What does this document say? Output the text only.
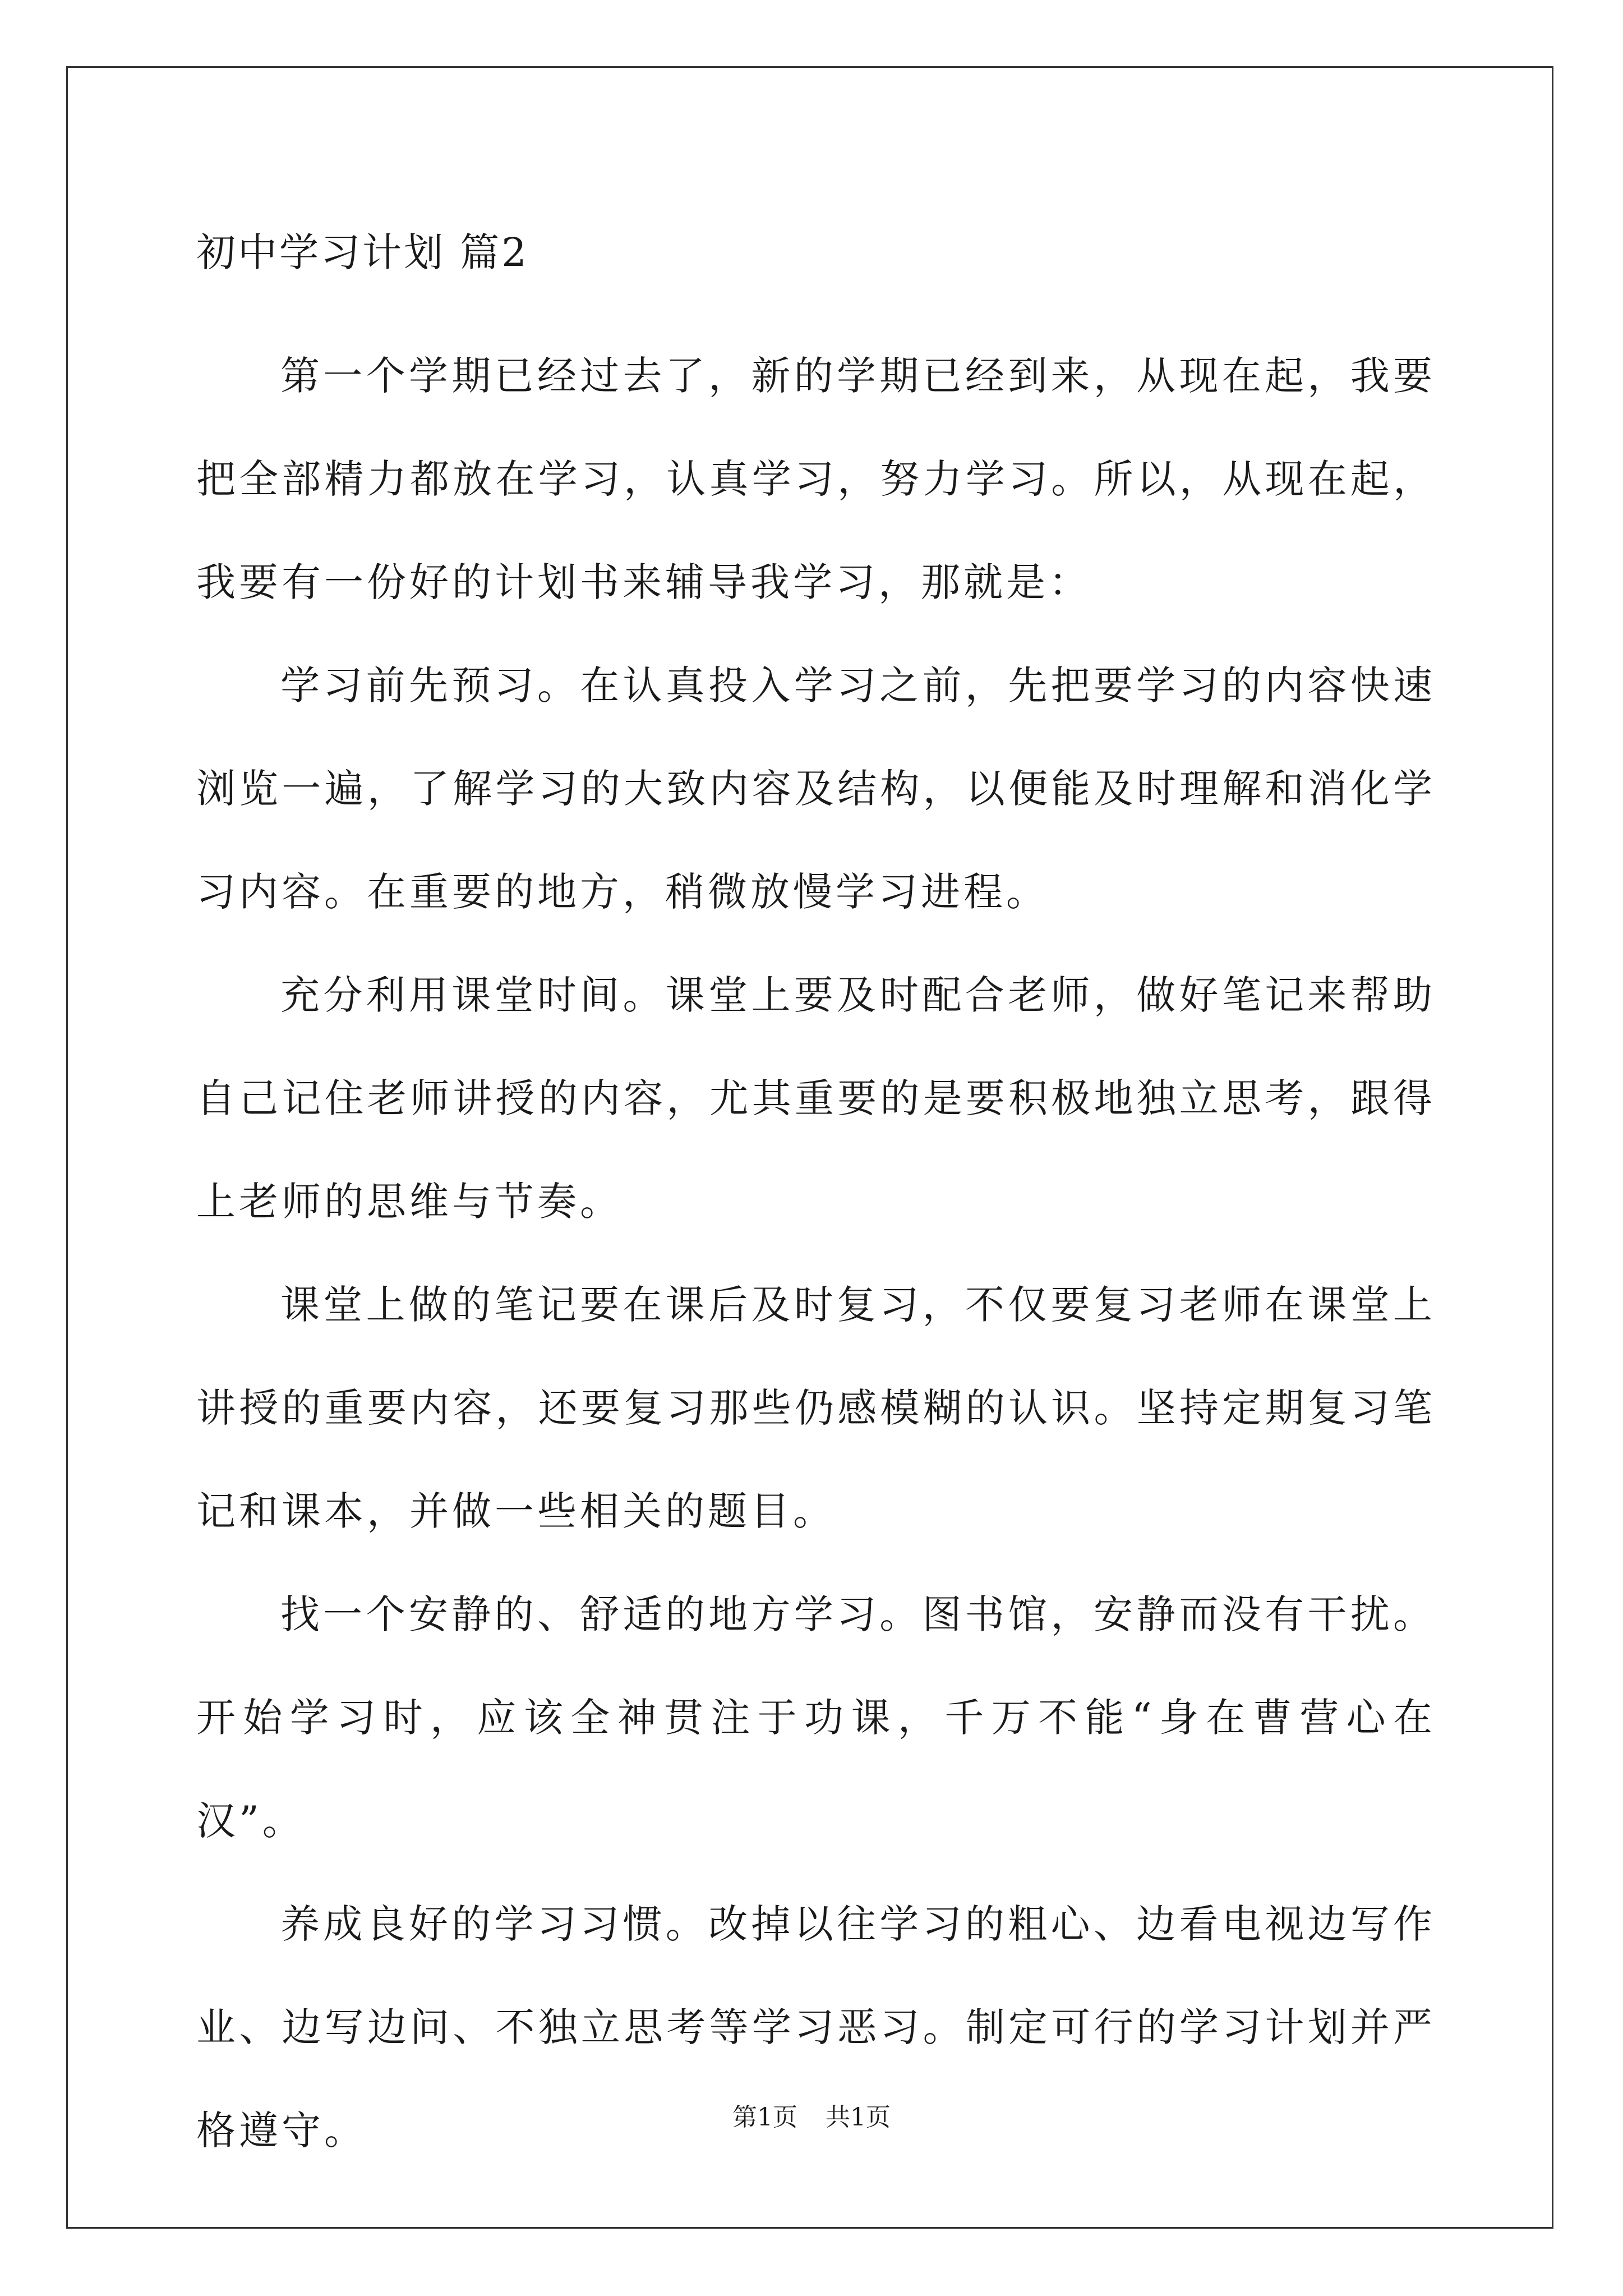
初中学习计划 篇2

第一个学期已经过去了，新的学期已经到来，从现在起，我要把全部精力都放在学习，认真学习，努力学习。所以，从现在起，我要有一份好的计划书来辅导我学习，那就是：

学习前先预习。在认真投入学习之前，先把要学习的内容快速浏览一遍，了解学习的大致内容及结构，以便能及时理解和消化学习内容。在重要的地方，稍微放慢学习进程。

充分利用课堂时间。课堂上要及时配合老师，做好笔记来帮助自己记住老师讲授的内容，尤其重要的是要积极地独立思考，跟得上老师的思维与节奏。

课堂上做的笔记要在课后及时复习，不仅要复习老师在课堂上讲授的重要内容，还要复习那些仍感模糊的认识。坚持定期复习笔记和课本，并做一些相关的题目。

找一个安静的、舒适的地方学习。图书馆，安静而没有干扰。开始学习时，应该全神贯注于功课，千万不能“身在曹营心在汉”。

养成良好的学习习惯。改掉以往学习的粗心、边看电视边写作业、边写边问、不独立思考等学习恶习。制定可行的学习计划并严格遵守。	第1页 共1页
